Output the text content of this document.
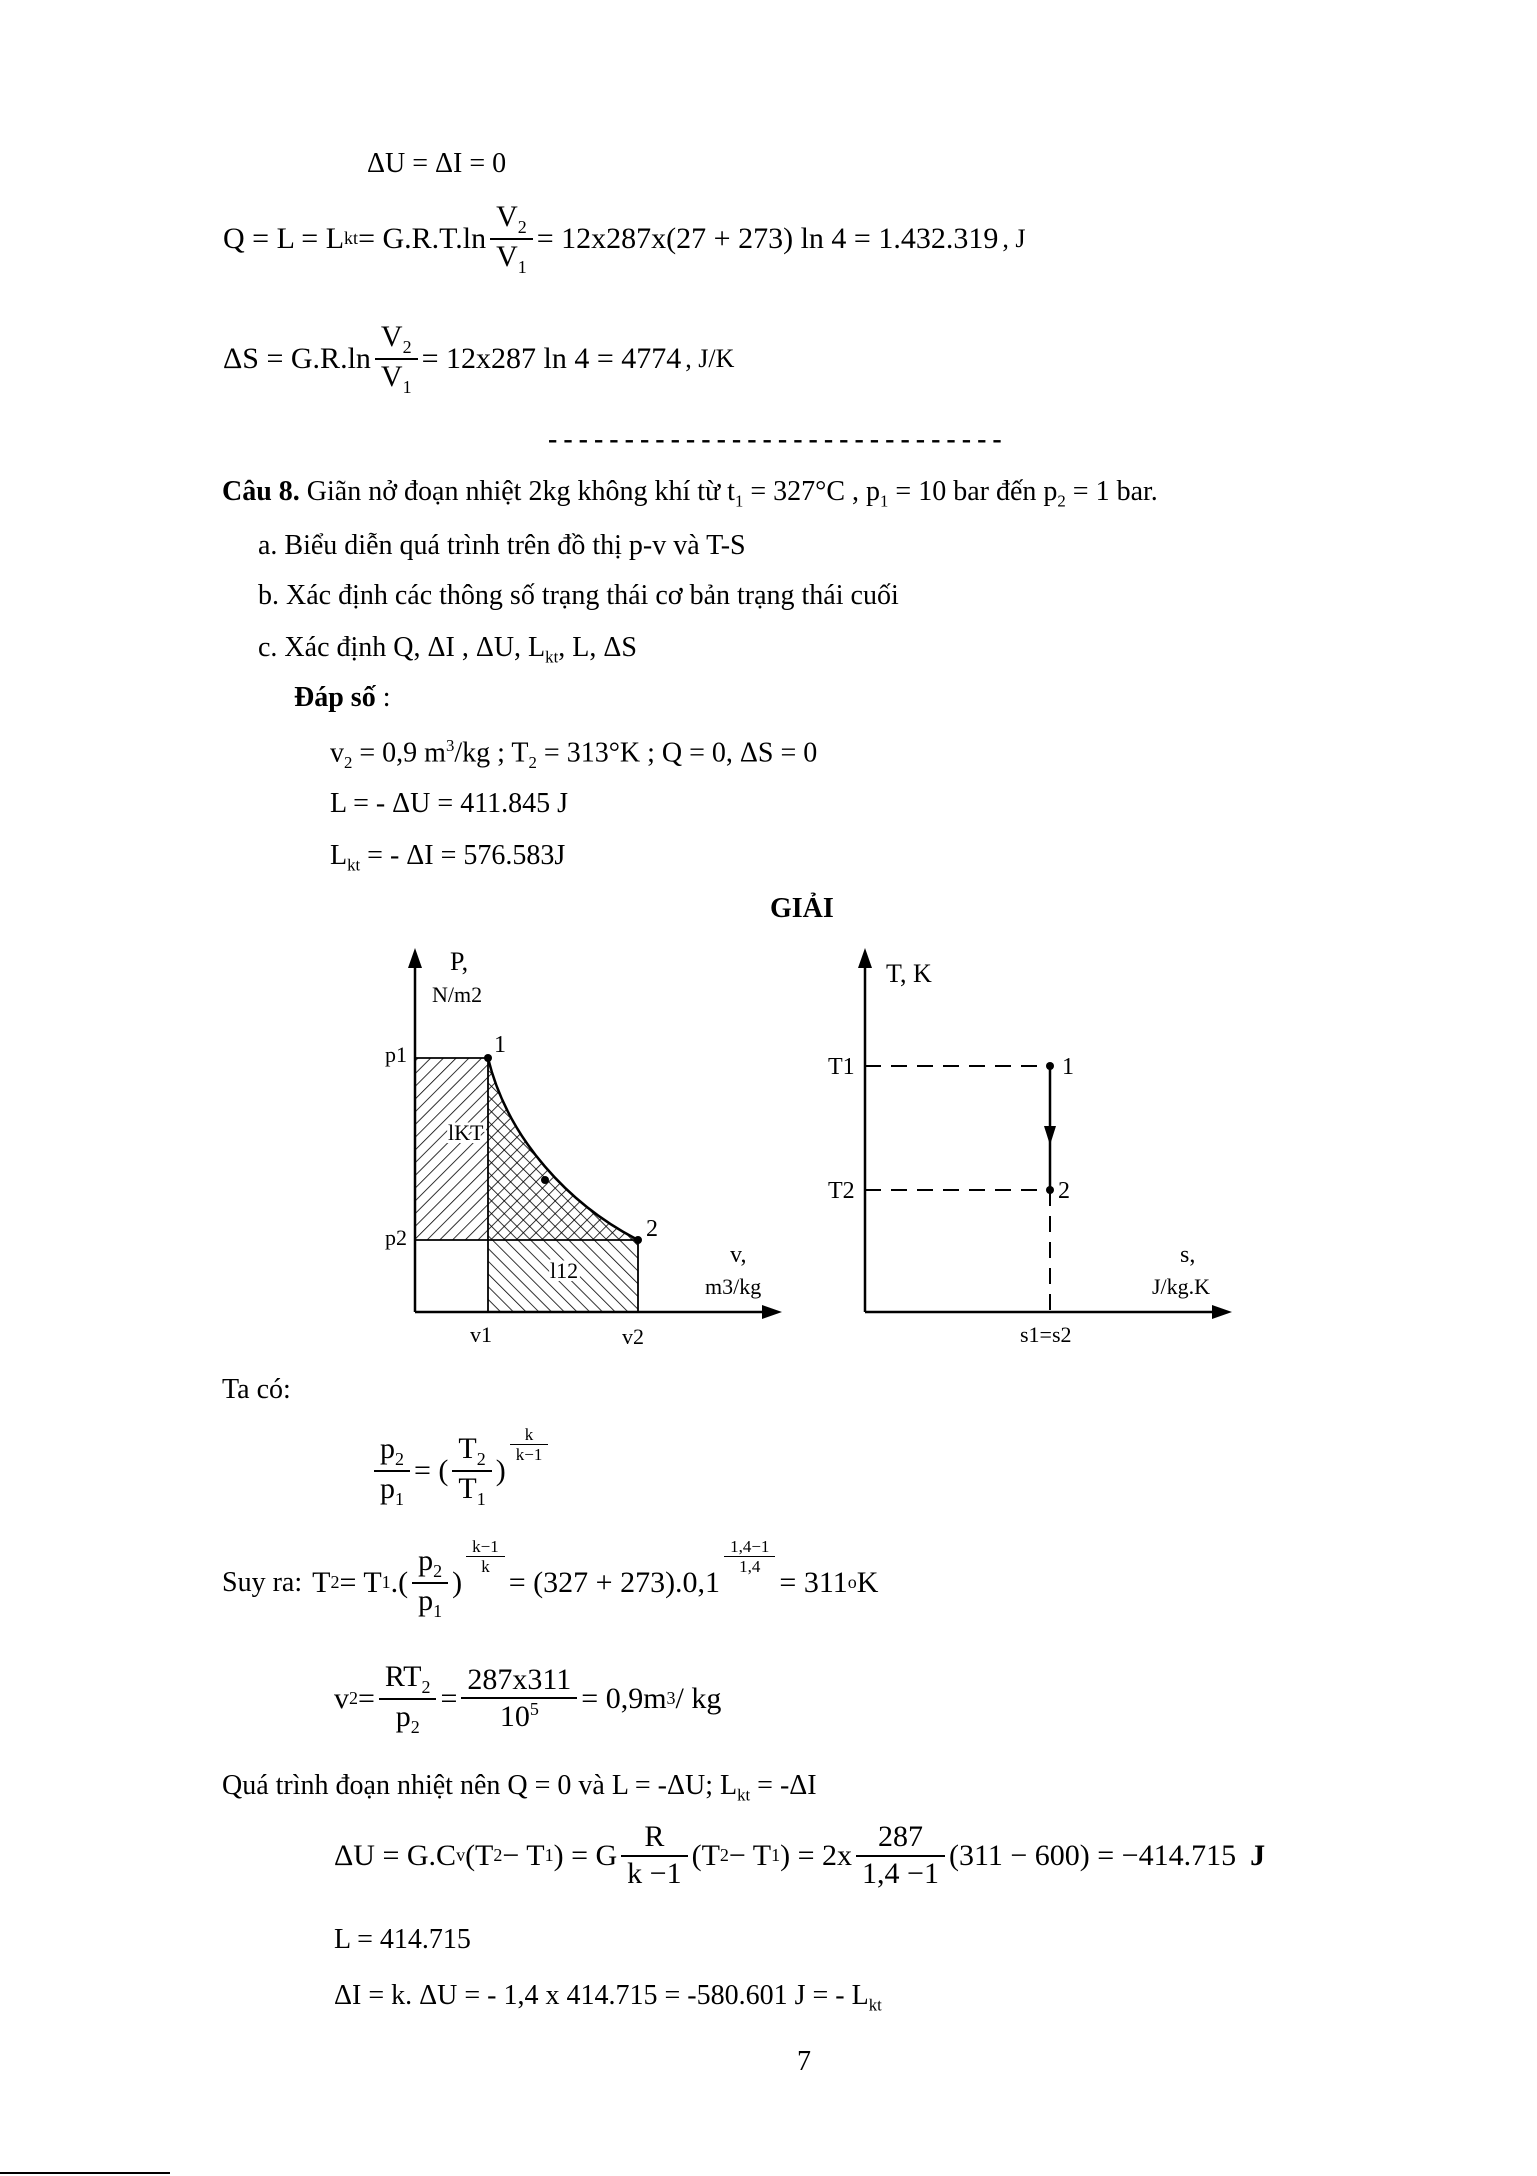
ΔU = ΔI = 0
Q = L = L kt = $G.R.T.\ln \frac{V_2}{V_1} = 12x287x(27 + 273)$ ln 4 = 1.432.319 , J
$\Delta S = G.R.\ln \frac{V_2}{V_1} = 12x287$ ln 4 = 4774 , J/K
------------------------------
Câu 8. Giãn nở đoạn nhiệt 2kg không khí từ $t_1 = 327^\circ C$ , $p_1 = 10$ bar đến $p_2 = 1$ bar.
a. Biểu diễn quá trình trên đồ thị p-v và T-S
b. Xác định các thông số trạng thái cơ bản trạng thái cuối
c. Xác định Q, ΔI , ΔU, $L_{kt}$, L, ΔS
Đáp số :
$v_2 = 0,9$ $m^3/kg$ ; $T_2 = 313^\circ K$ ; Q = 0, ΔS = 0
L = - ΔU = 411.845 J
$L_{kt}$ = - ΔI = 576.583J
GIẢI
P,
N/m2
p1
p2
1
2
lKT
l12
v,
m3/kg
v1	v2
T, K
T1
T2
1
2
s,
J/kg.K
s1=s2
Ta có:
$\frac{p_2}{p_1}$ = ( $\frac{T_2}{T_1}$ )
$\frac{k}{k-1}$
Suy ra: T 2 = T 1 .( $\frac{p_2}{p_1}$ )
$\frac{k-1}{k}$
= (327 + 273).0,1
$\frac{1,4-1}{1,4}$
= 311 o K
v $2 = \frac{RT_2}{p_2} = \frac{287x311}{10^5} = 0,9m$ 3 / kg
Quá trình đoạn nhiệt nên Q = 0 và L = -ΔU; $L_{kt} = -\Delta I$
ΔU = G.C v (T 2 − T 1 ) = G $\frac{R}{k -1} (T$ 2 − T 1 ) = $2x \frac{287}{1,4 -1} (311 - 600) = -414.715$ J
L = 414.715
ΔI = k. ΔU = - 1,4 x 414.715 = -580.601 J = - $L_{kt}$
7
